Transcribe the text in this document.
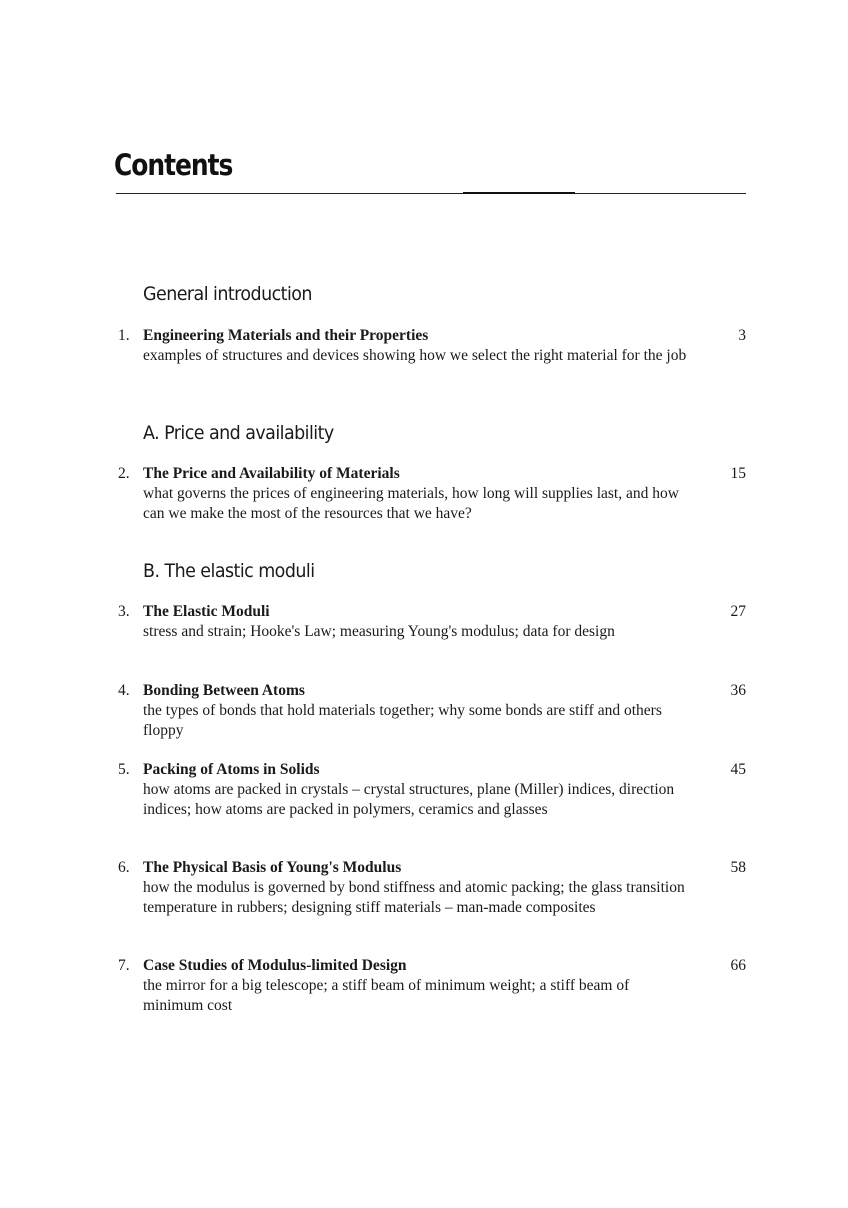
Contents
General introduction
1. Engineering Materials and their Properties	3
examples of structures and devices showing how we select the right material for the job
A. Price and availability
2. The Price and Availability of Materials	15
what governs the prices of engineering materials, how long will supplies last, and how can we make the most of the resources that we have?
B. The elastic moduli
3. The Elastic Moduli	27
stress and strain; Hooke's Law; measuring Young's modulus; data for design
4. Bonding Between Atoms	36
the types of bonds that hold materials together; why some bonds are stiff and others floppy
5. Packing of Atoms in Solids	45
how atoms are packed in crystals – crystal structures, plane (Miller) indices, direction indices; how atoms are packed in polymers, ceramics and glasses
6. The Physical Basis of Young's Modulus	58
how the modulus is governed by bond stiffness and atomic packing; the glass transition temperature in rubbers; designing stiff materials – man-made composites
7. Case Studies of Modulus-limited Design	66
the mirror for a big telescope; a stiff beam of minimum weight; a stiff beam of minimum cost
